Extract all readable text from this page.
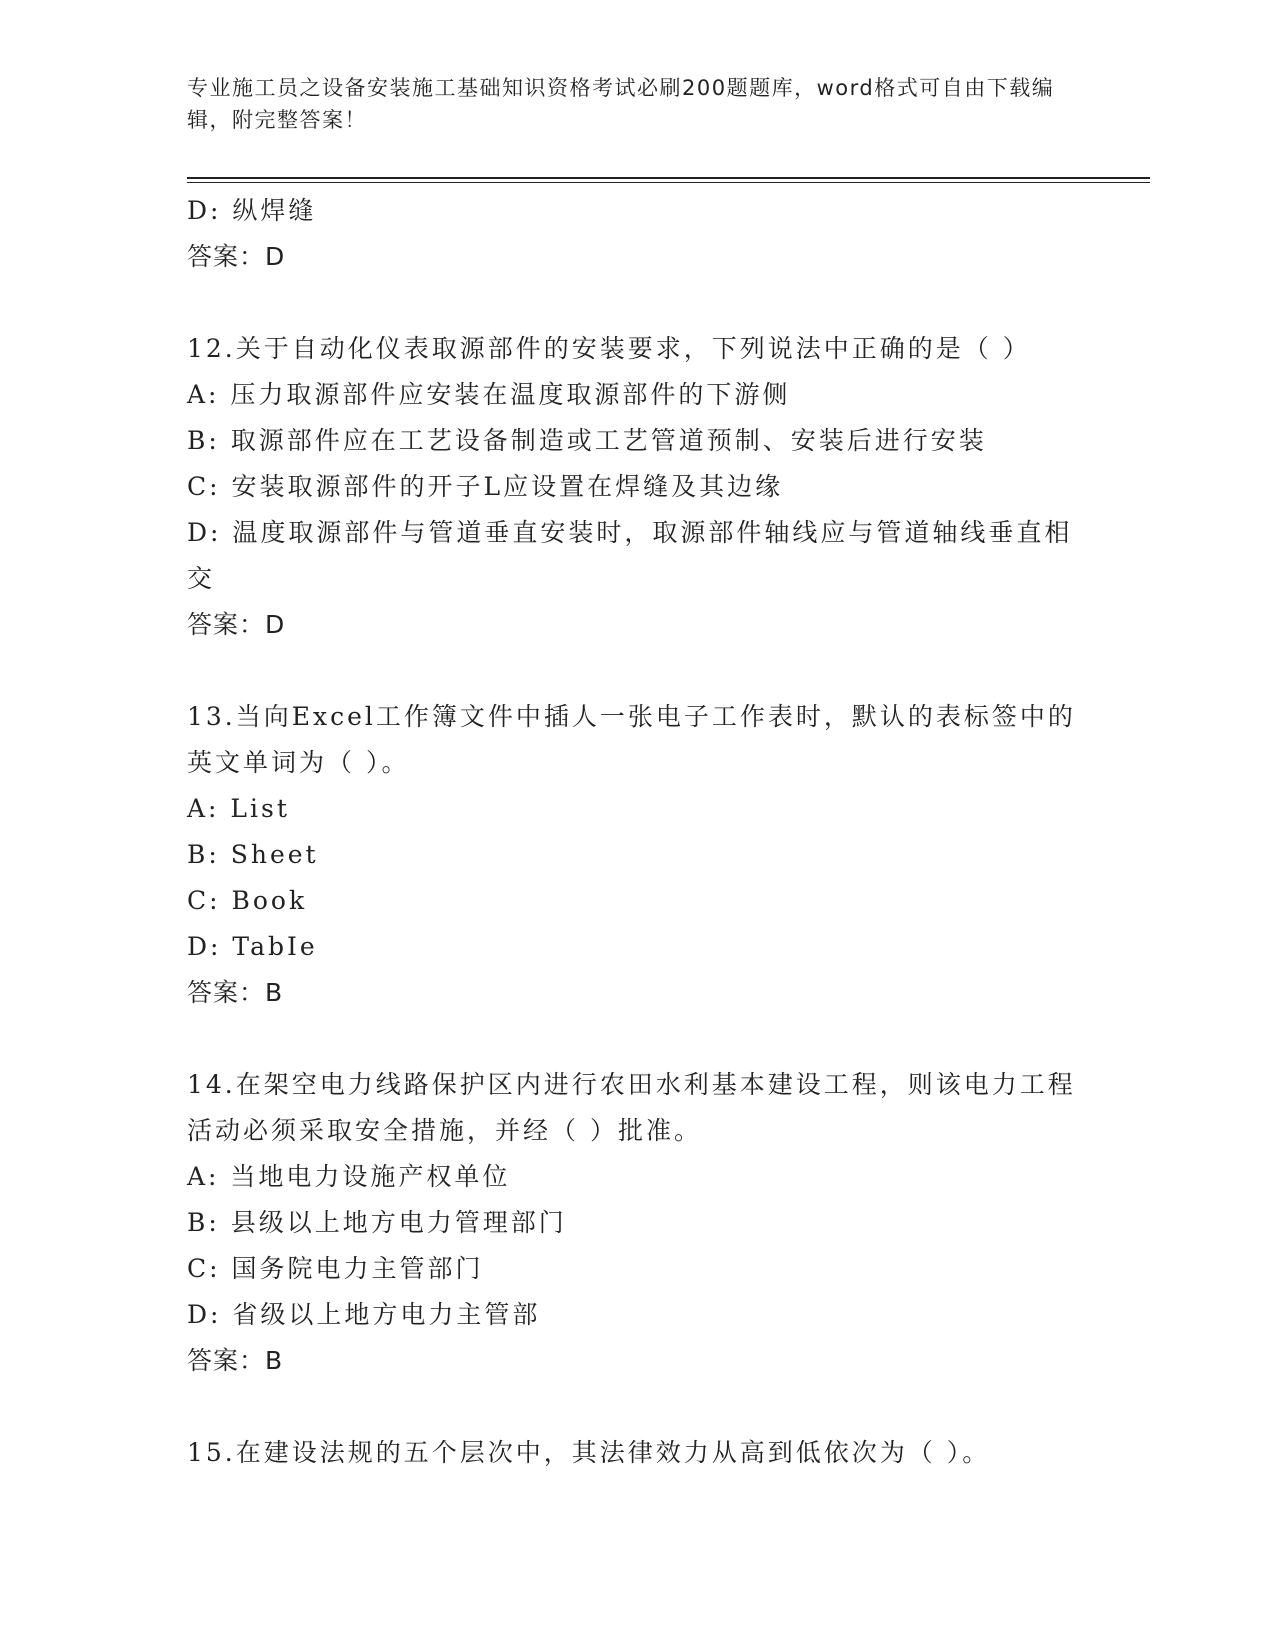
专业施工员之设备安装施工基础知识资格考试必刷200题题库，word格式可自由下载编辑，附完整答案！

D: 纵焊缝

答案：D

12.关于自动化仪表取源部件的安装要求，下列说法中正确的是（ ）

A: 压力取源部件应安装在温度取源部件的下游侧

B: 取源部件应在工艺设备制造或工艺管道预制、安装后进行安装

C: 安装取源部件的开子L应设置在焊缝及其边缘

D: 温度取源部件与管道垂直安装时，取源部件轴线应与管道轴线垂直相交

答案：D

13.当向Excel工作簿文件中插人一张电子工作表时，默认的表标签中的英文单词为（ ）。

A: List

B: Sheet

C: Book

D: TabIe

答案：B

14.在架空电力线路保护区内进行农田水利基本建设工程，则该电力工程活动必须采取安全措施，并经（ ）批准。

A: 当地电力设施产权单位

B: 县级以上地方电力管理部门

C: 国务院电力主管部门

D: 省级以上地方电力主管部

答案：B

15.在建设法规的五个层次中，其法律效力从高到低依次为（ ）。
